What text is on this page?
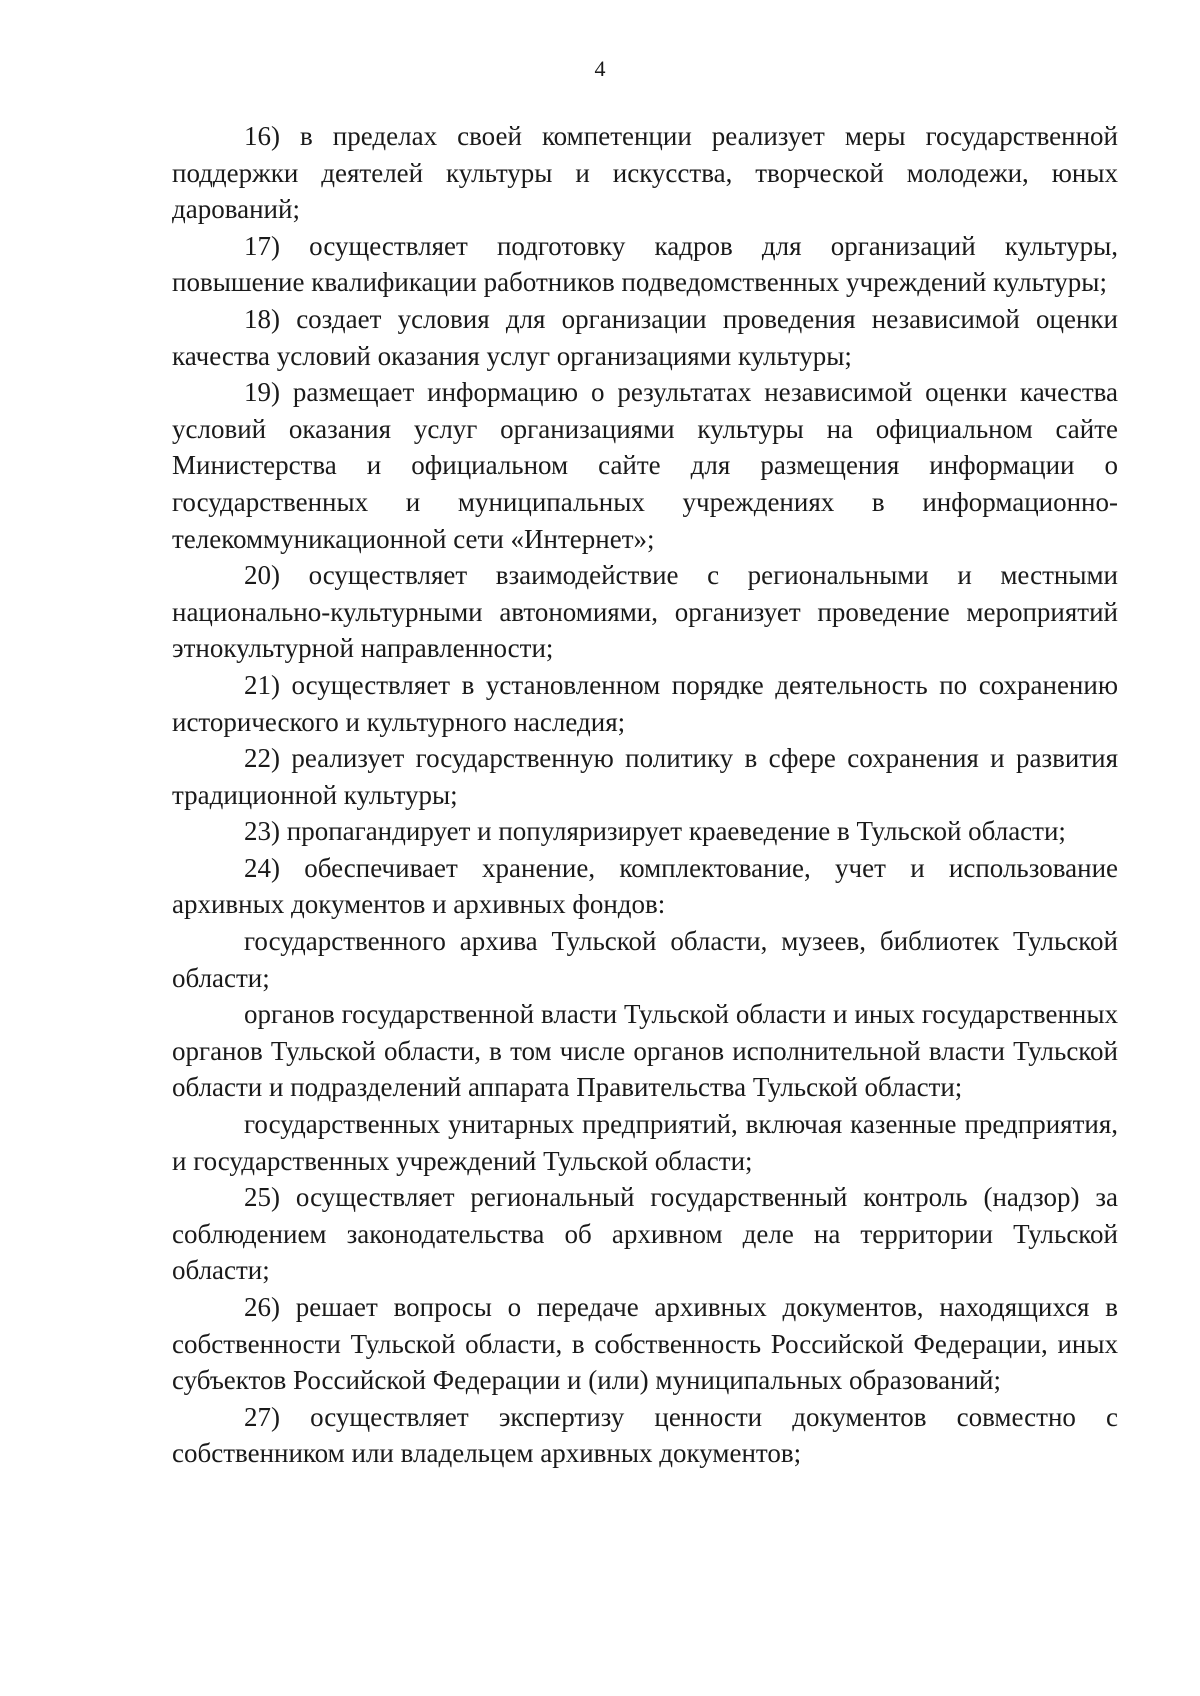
4

16) в пределах своей компетенции реализует меры государственной поддержки деятелей культуры и искусства, творческой молодежи, юных дарований;

17) осуществляет подготовку кадров для организаций культуры, повышение квалификации работников подведомственных учреждений культуры;

18) создает условия для организации проведения независимой оценки качества условий оказания услуг организациями культуры;

19) размещает информацию о результатах независимой оценки качества условий оказания услуг организациями культуры на официальном сайте Министерства и официальном сайте для размещения информации о государственных и муниципальных учреждениях в информационно-телекоммуникационной сети «Интернет»;

20) осуществляет взаимодействие с региональными и местными национально-культурными автономиями, организует проведение мероприятий этнокультурной направленности;

21) осуществляет в установленном порядке деятельность по сохранению исторического и культурного наследия;

22) реализует государственную политику в сфере сохранения и развития традиционной культуры;

23) пропагандирует и популяризирует краеведение в Тульской области;

24) обеспечивает хранение, комплектование, учет и использование архивных документов и архивных фондов:

государственного архива Тульской области, музеев, библиотек Тульской области;

органов государственной власти Тульской области и иных государственных органов Тульской области, в том числе органов исполнительной власти Тульской области и подразделений аппарата Правительства Тульской области;

государственных унитарных предприятий, включая казенные предприятия, и государственных учреждений Тульской области;

25) осуществляет региональный государственный контроль (надзор) за соблюдением законодательства об архивном деле на территории Тульской области;

26) решает вопросы о передаче архивных документов, находящихся в собственности Тульской области, в собственность Российской Федерации, иных субъектов Российской Федерации и (или) муниципальных образований;

27) осуществляет экспертизу ценности документов совместно с собственником или владельцем архивных документов;
